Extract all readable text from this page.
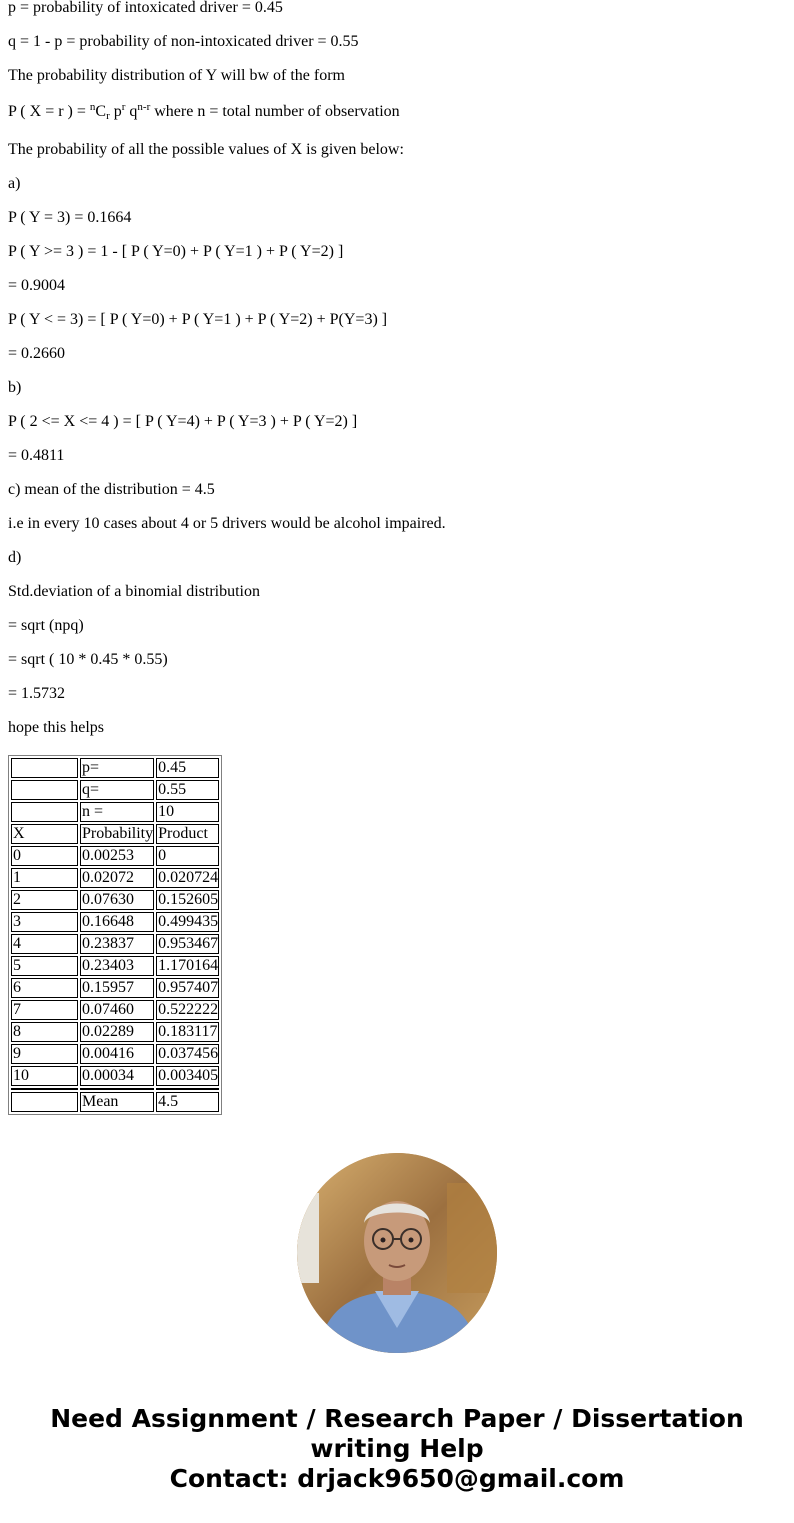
p = probability of intoxicated driver = 0.45

q = 1 - p = probability of non-intoxicated driver = 0.55

The probability distribution of Y will bw of the form

P ( X = r ) = $^nC_r$ $p^r$ $q^{n-r}$ where n = total number of observation

The probability of all the possible values of X is given below:

a)

P ( Y = 3) = 0.1664

P ( Y >= 3 ) = 1 - [ P ( Y=0) + P ( Y=1 ) + P ( Y=2) ]

= 0.9004

P ( Y < = 3) = [ P ( Y=0) + P ( Y=1 ) + P ( Y=2) + P(Y=3) ]

= 0.2660

b)

P ( 2 <= X <= 4 ) = [ P ( Y=4) + P ( Y=3 ) + P ( Y=2) ]

= 0.4811

c) mean of the distribution = 4.5

i.e in every 10 cases about 4 or 5 drivers would be alcohol impaired.

d)

Std.deviation of a binomial distribution

= sqrt (npq)

= sqrt ( 10 * 0.45 * 0.55)

= 1.5732

hope this helps

	p=	0.45
	q=	0.55
	n =	10
X	Probability	Product
0	0.00253	0
1	0.02072	0.020724
2	0.07630	0.152605
3	0.16648	0.499435
4	0.23837	0.953467
5	0.23403	1.170164
6	0.15957	0.957407
7	0.07460	0.522222
8	0.02289	0.183117
9	0.00416	0.037456
10	0.00034	0.003405

	Mean	4.5
Need Assignment / Research Paper / Dissertation
writing Help
Contact: drjack9650@gmail.com
